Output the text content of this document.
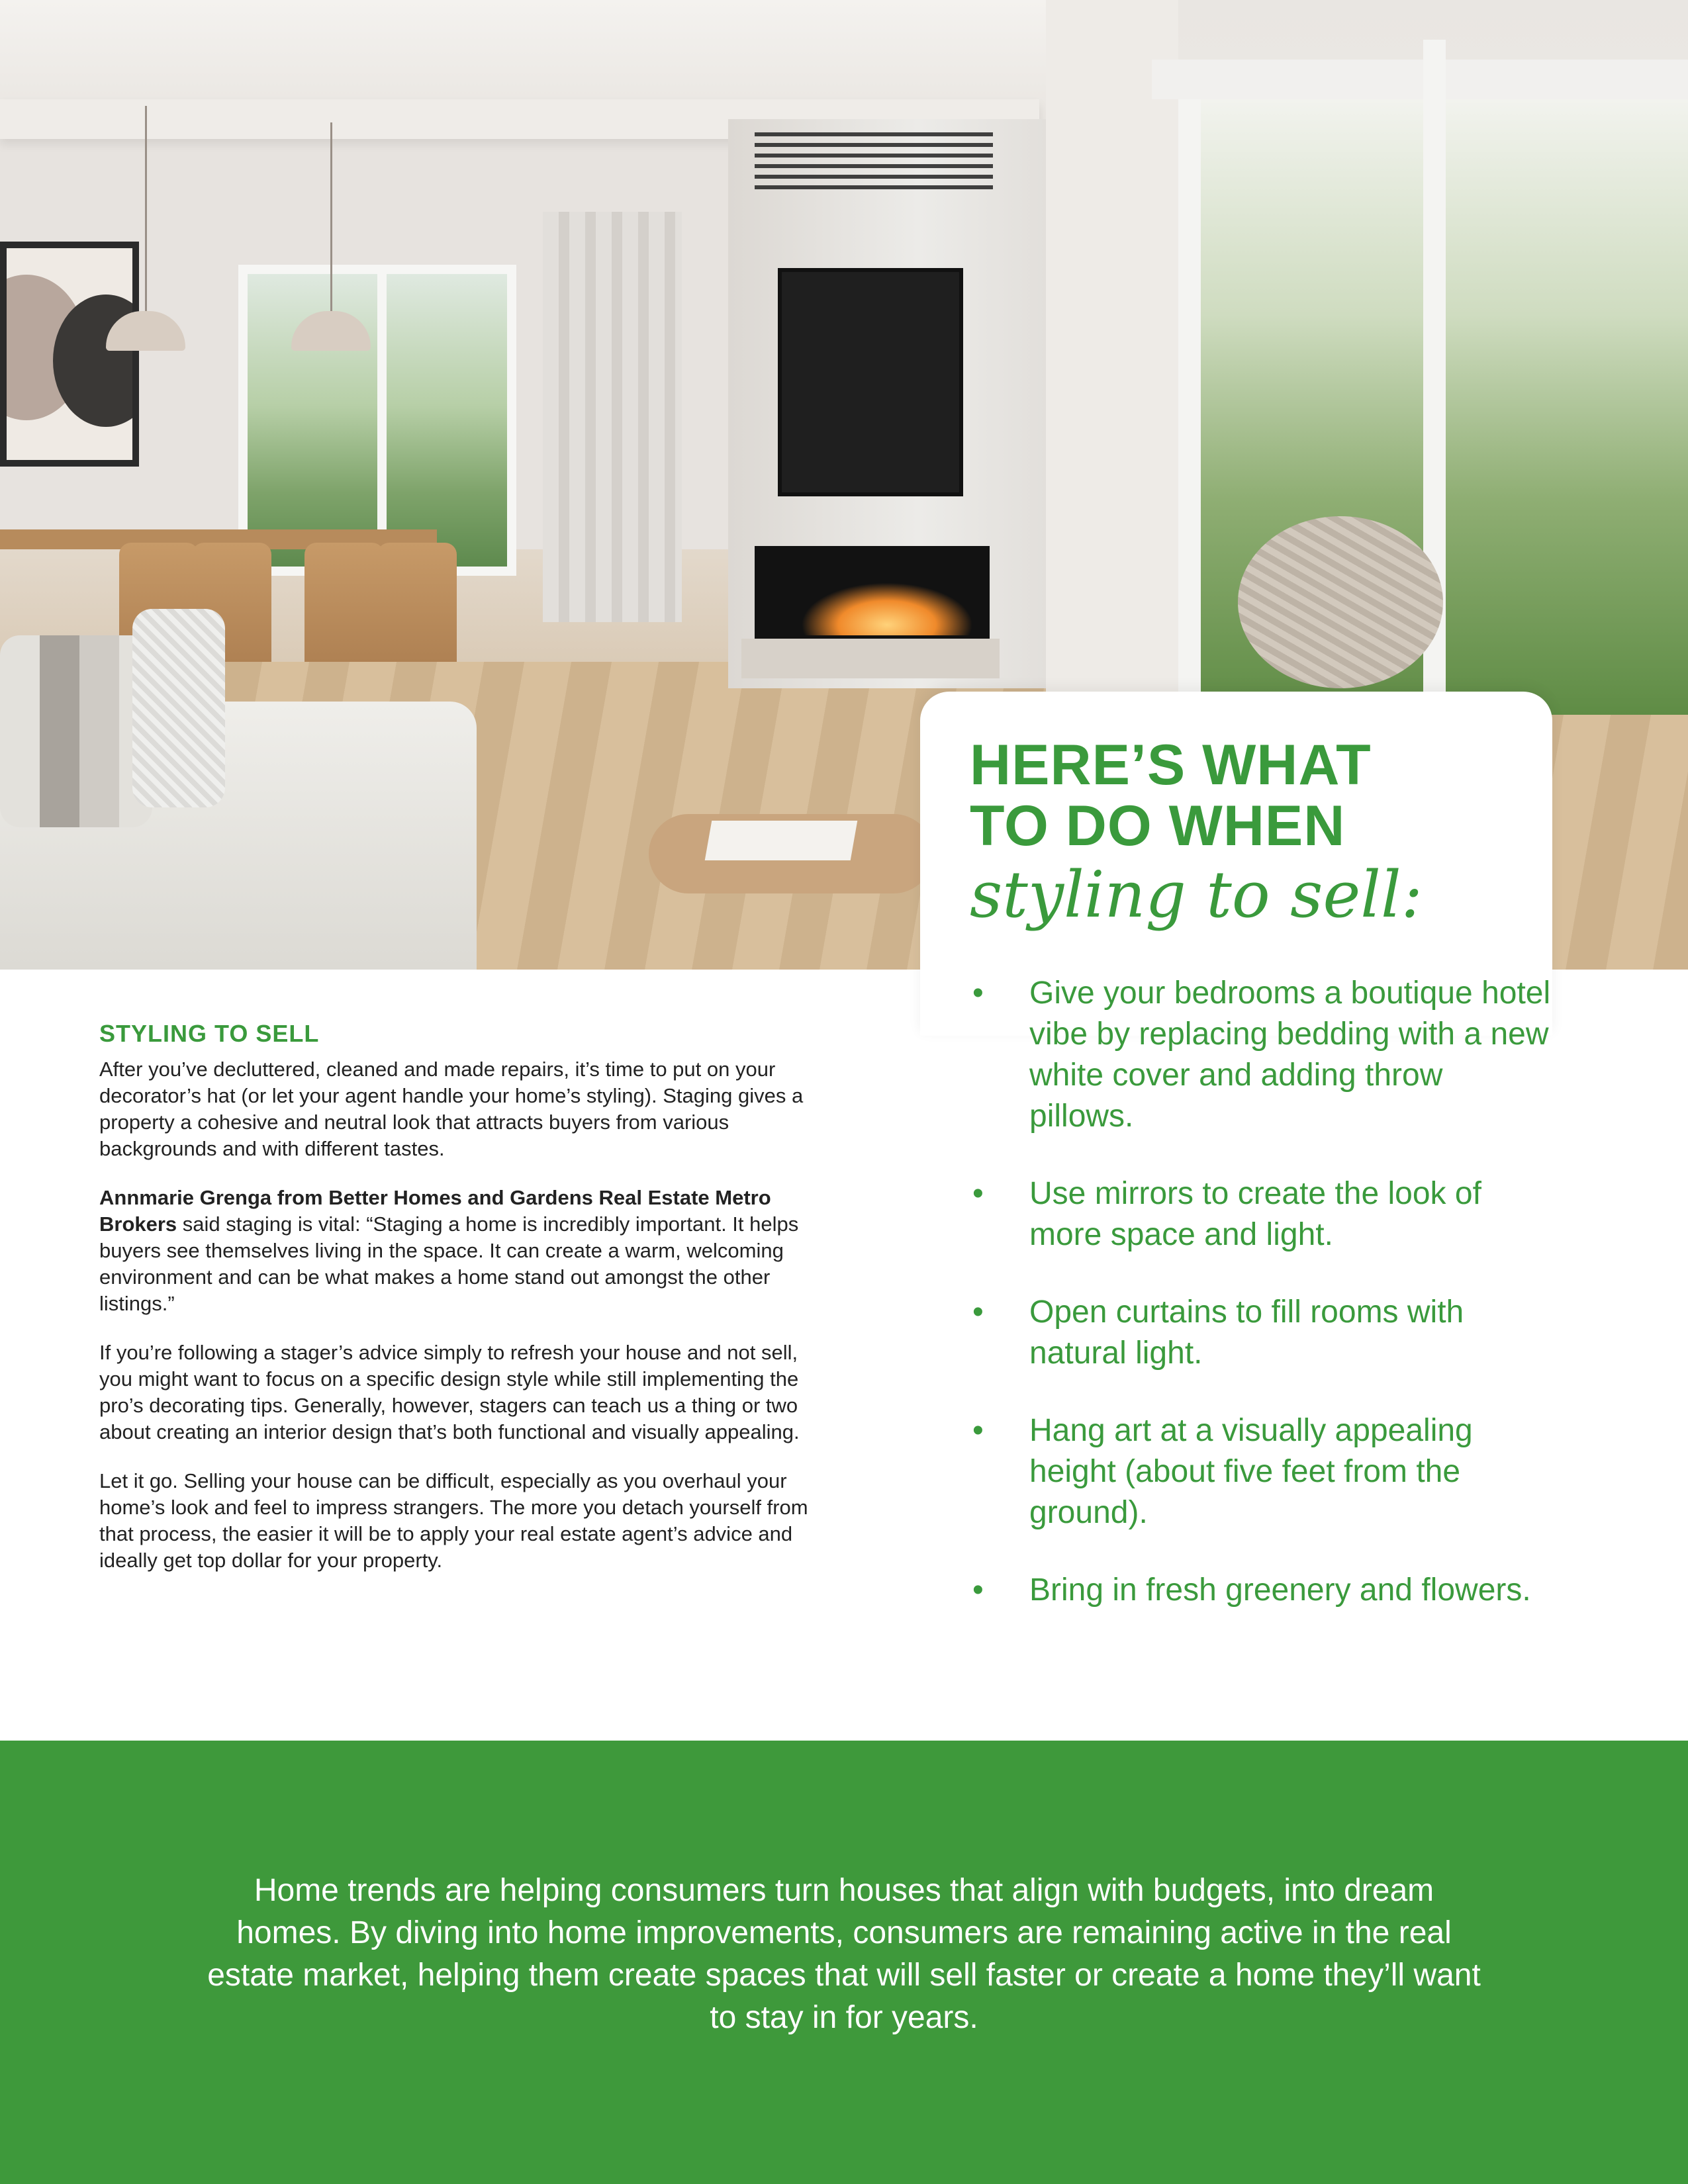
HERE’S WHAT
TO DO WHEN
styling to sell:
• Give your bedrooms a boutique hotel vibe by replacing bedding with a new white cover and adding throw pillows.
• Use mirrors to create the look of more space and light.
• Open curtains to fill rooms with natural light.
• Hang art at a visually appealing height (about five feet from the ground).
• Bring in fresh greenery and flowers.
STYLING TO SELL

After you’ve decluttered, cleaned and made repairs, it’s time to put on your decorator’s hat (or let your agent handle your home’s styling). Staging gives a property a cohesive and neutral look that attracts buyers from various backgrounds and with different tastes.

Annmarie Grenga from Better Homes and Gardens Real Estate Metro Brokers said staging is vital: “Staging a home is incredibly important. It helps buyers see themselves living in the space. It can create a warm, welcoming environment and can be what makes a home stand out amongst the other listings.”

If you’re following a stager’s advice simply to refresh your house and not sell, you might want to focus on a specific design style while still implementing the pro’s decorating tips. Generally, however, stagers can teach us a thing or two about creating an interior design that’s both functional and visually appealing.

Let it go. Selling your house can be difficult, especially as you overhaul your home’s look and feel to impress strangers. The more you detach yourself from that process, the easier it will be to apply your real estate agent’s advice and ideally get top dollar for your property.

Home trends are helping consumers turn houses that align with budgets, into dream homes. By diving into home improvements, consumers are remaining active in the real estate market, helping them create spaces that will sell faster or create a home they’ll want to stay in for years.
